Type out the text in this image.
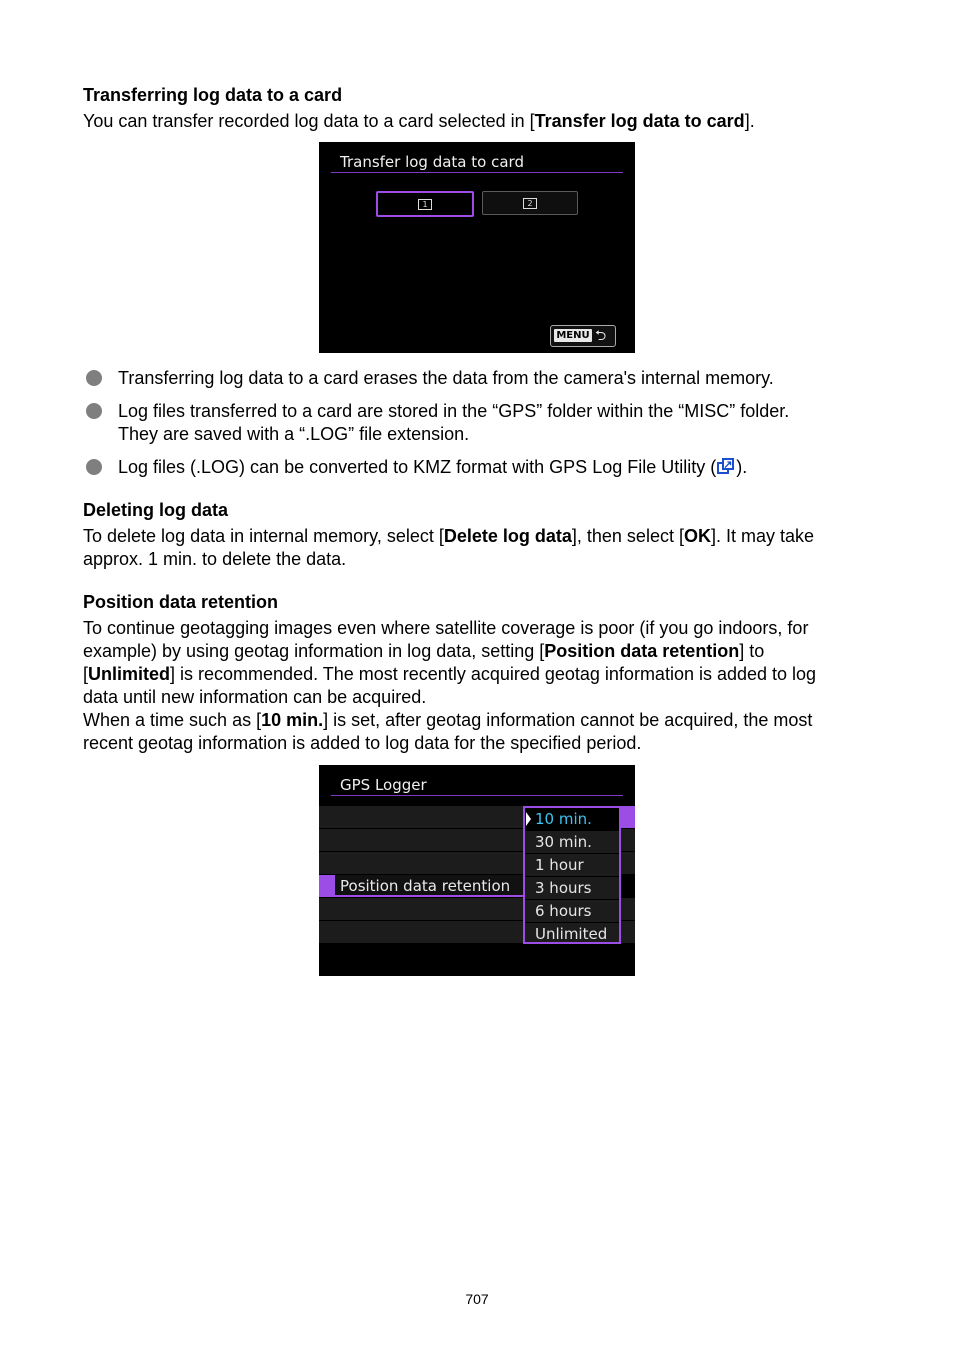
Transferring log data to a card

You can transfer recorded log data to a card selected in [Transfer log data to card].

Transfer log data to card
1	2
MENU ⮌

Transferring log data to a card erases the data from the camera's internal memory.

Log files transferred to a card are stored in the “GPS” folder within the “MISC” folder.

They are saved with a “.LOG” file extension.

Log files (.LOG) can be converted to KMZ format with GPS Log File Utility ( ↗ ).

Deleting log data

To delete log data in internal memory, select [Delete log data], then select [OK]. It may take

approx. 1 min. to delete the data.

Position data retention

To continue geotagging images even where satellite coverage is poor (if you go indoors, for

example) by using geotag information in log data, setting [Position data retention] to

[Unlimited] is recommended. The most recently acquired geotag information is added to log

data until new information can be acquired.

When a time such as [10 min.] is set, after geotag information cannot be acquired, the most

recent geotag information is added to log data for the specified period.

GPS Logger
Position data retention
10 min.
30 min.
1 hour
3 hours
6 hours
Unlimited
707
